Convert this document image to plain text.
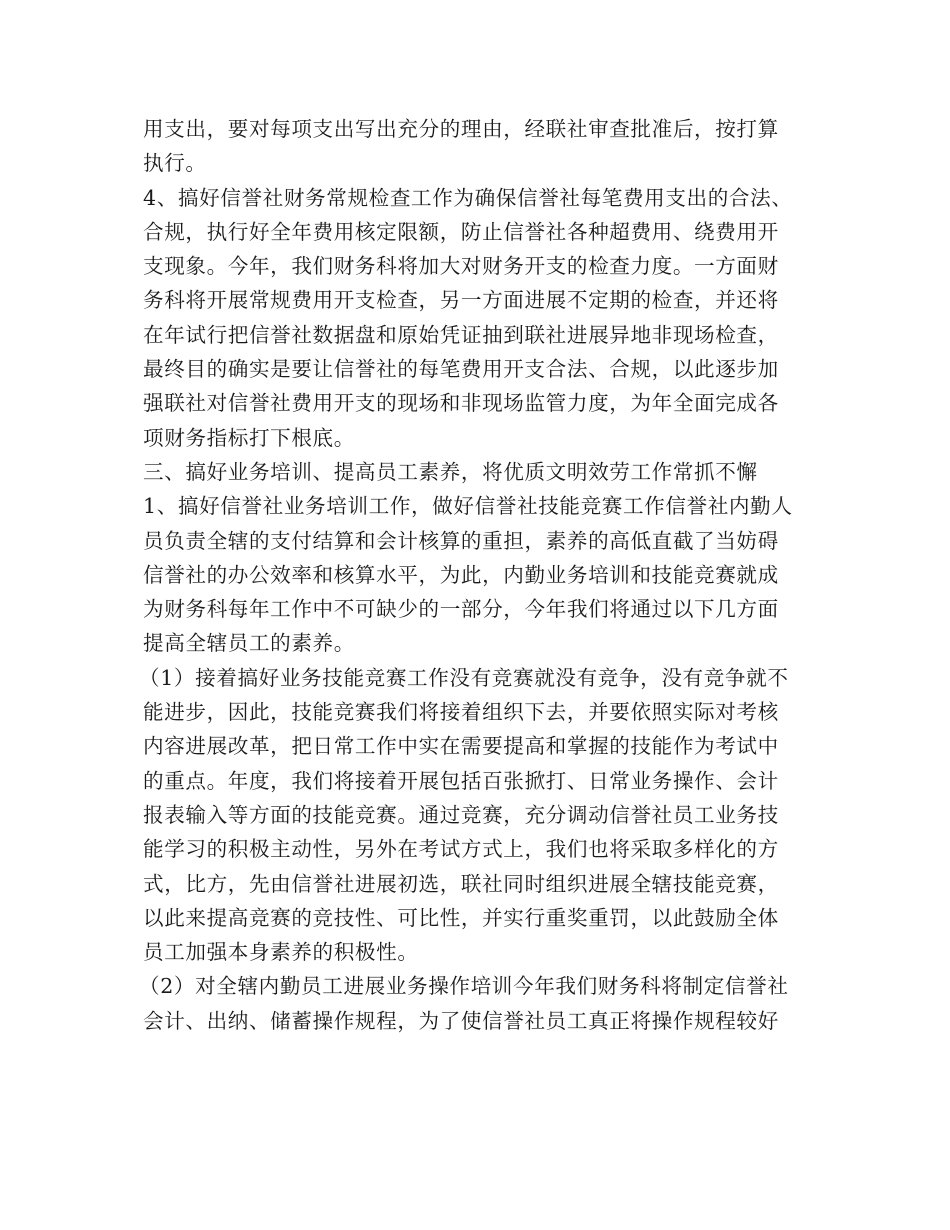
用支出，要对每项支出写出充分的理由，经联社审查批准后，按打算
执行。
4、搞好信誉社财务常规检查工作为确保信誉社每笔费用支出的合法、
合规，执行好全年费用核定限额，防止信誉社各种超费用、绕费用开
支现象。今年，我们财务科将加大对财务开支的检查力度。一方面财
务科将开展常规费用开支检查，另一方面进展不定期的检查，并还将
在年试行把信誉社数据盘和原始凭证抽到联社进展异地非现场检查，
最终目的确实是要让信誉社的每笔费用开支合法、合规，以此逐步加
强联社对信誉社费用开支的现场和非现场监管力度，为年全面完成各
项财务指标打下根底。
三、搞好业务培训、提高员工素养，将优质文明效劳工作常抓不懈
1、搞好信誉社业务培训工作，做好信誉社技能竞赛工作信誉社内勤人
员负责全辖的支付结算和会计核算的重担，素养的高低直截了当妨碍
信誉社的办公效率和核算水平，为此，内勤业务培训和技能竞赛就成
为财务科每年工作中不可缺少的一部分，今年我们将通过以下几方面
提高全辖员工的素养。
（1）接着搞好业务技能竞赛工作没有竞赛就没有竞争，没有竞争就不
能进步，因此，技能竞赛我们将接着组织下去，并要依照实际对考核
内容进展改革，把日常工作中实在需要提高和掌握的技能作为考试中
的重点。年度，我们将接着开展包括百张掀打、日常业务操作、会计
报表输入等方面的技能竞赛。通过竞赛，充分调动信誉社员工业务技
能学习的积极主动性，另外在考试方式上，我们也将采取多样化的方
式，比方，先由信誉社进展初选，联社同时组织进展全辖技能竞赛，
以此来提高竞赛的竞技性、可比性，并实行重奖重罚，以此鼓励全体
员工加强本身素养的积极性。
（2）对全辖内勤员工进展业务操作培训今年我们财务科将制定信誉社
会计、出纳、储蓄操作规程，为了使信誉社员工真正将操作规程较好
